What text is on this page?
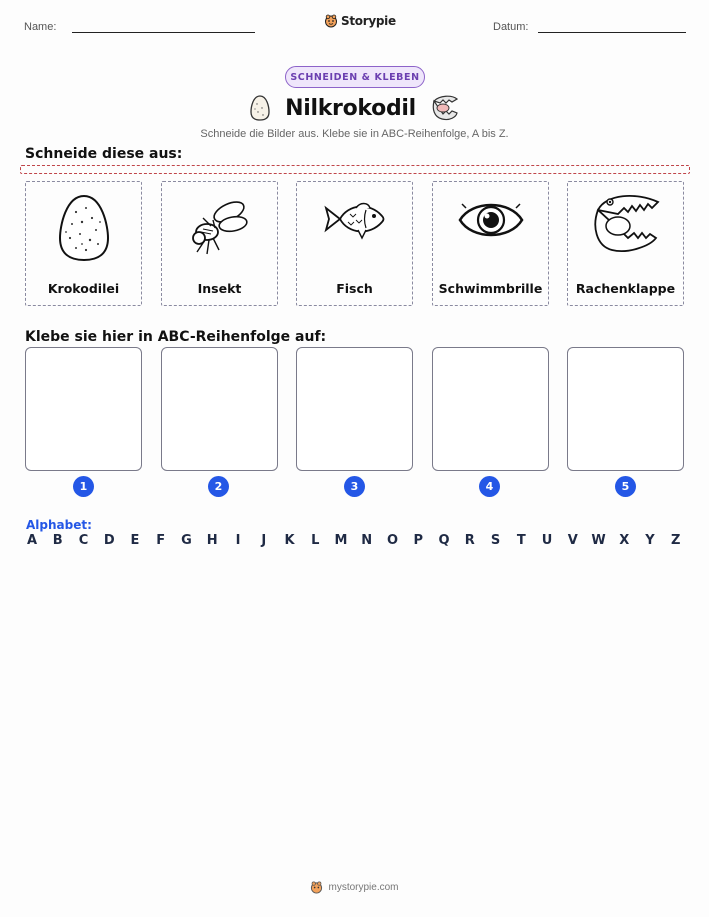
Name:	Storypie	Datum:
SCHNEIDEN & KLEBEN
Nilkrokodil
Schneide die Bilder aus. Klebe sie in ABC-Reihenfolge, A bis Z.
Schneide diese aus:
Krokodilei	Insekt	Fisch	Schwimmbrille	Rachenklappe
Klebe sie hier in ABC-Reihenfolge auf:
1	2	3	4	5
Alphabet:
A B C D E F G H	I	J	K L M N O P Q R S T U V W X Y Z
mystorypie.com
